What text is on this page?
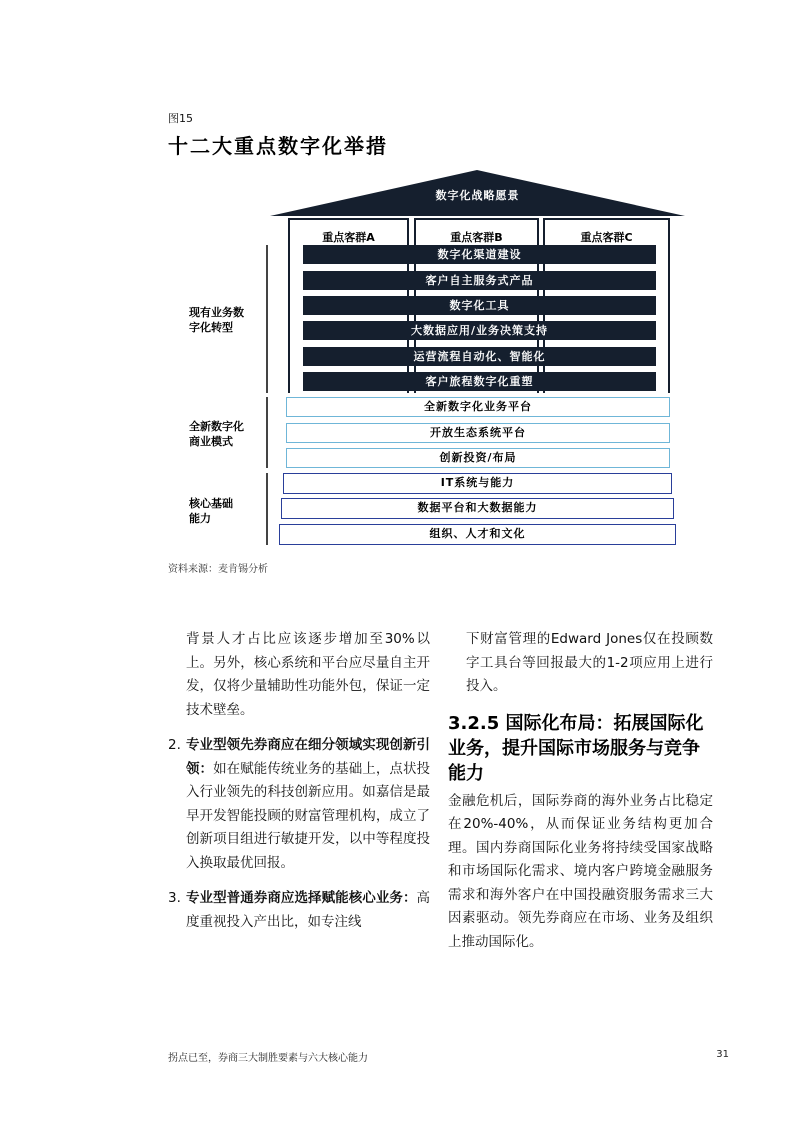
图15
十二大重点数字化举措
数字化战略愿景
重点客群A	重点客群B	重点客群C
数字化渠道建设
客户自主服务式产品
数字化工具
大数据应用/业务决策支持
运营流程自动化、智能化
客户旅程数字化重塑
全新数字化业务平台
开放生态系统平台
创新投资/布局
IT系统与能力
数据平台和大数据能力
组织、人才和文化
现有业务数
字化转型
全新数字化
商业模式
核心基础
能力
资料来源：麦肯锡分析

背景人才占比应该逐步增加至30%以上。另外，核心系统和平台应尽量自主开发，仅将少量辅助性功能外包，保证一定技术壁垒。

2. 专业型领先券商应在细分领域实现创新引领：如在赋能传统业务的基础上，点状投入行业领先的科技创新应用。如嘉信是最早开发智能投顾的财富管理机构，成立了创新项目组进行敏捷开发，以中等程度投入换取最优回报。
3. 专业型普通券商应选择赋能核心业务：高度重视投入产出比，如专注线

下财富管理的Edward Jones仅在投顾数字工具台等回报最大的1-2项应用上进行投入。

3.2.5 国际化布局：拓展国际化业务，提升国际市场服务与竞争能力

金融危机后，国际券商的海外业务占比稳定在20%-40%，从而保证业务结构更加合理。国内券商国际化业务将持续受国家战略和市场国际化需求、境内客户跨境金融服务需求和海外客户在中国投融资服务需求三大因素驱动。领先券商应在市场、业务及组织上推动国际化。

拐点已至，券商三大制胜要素与六大核心能力	31
